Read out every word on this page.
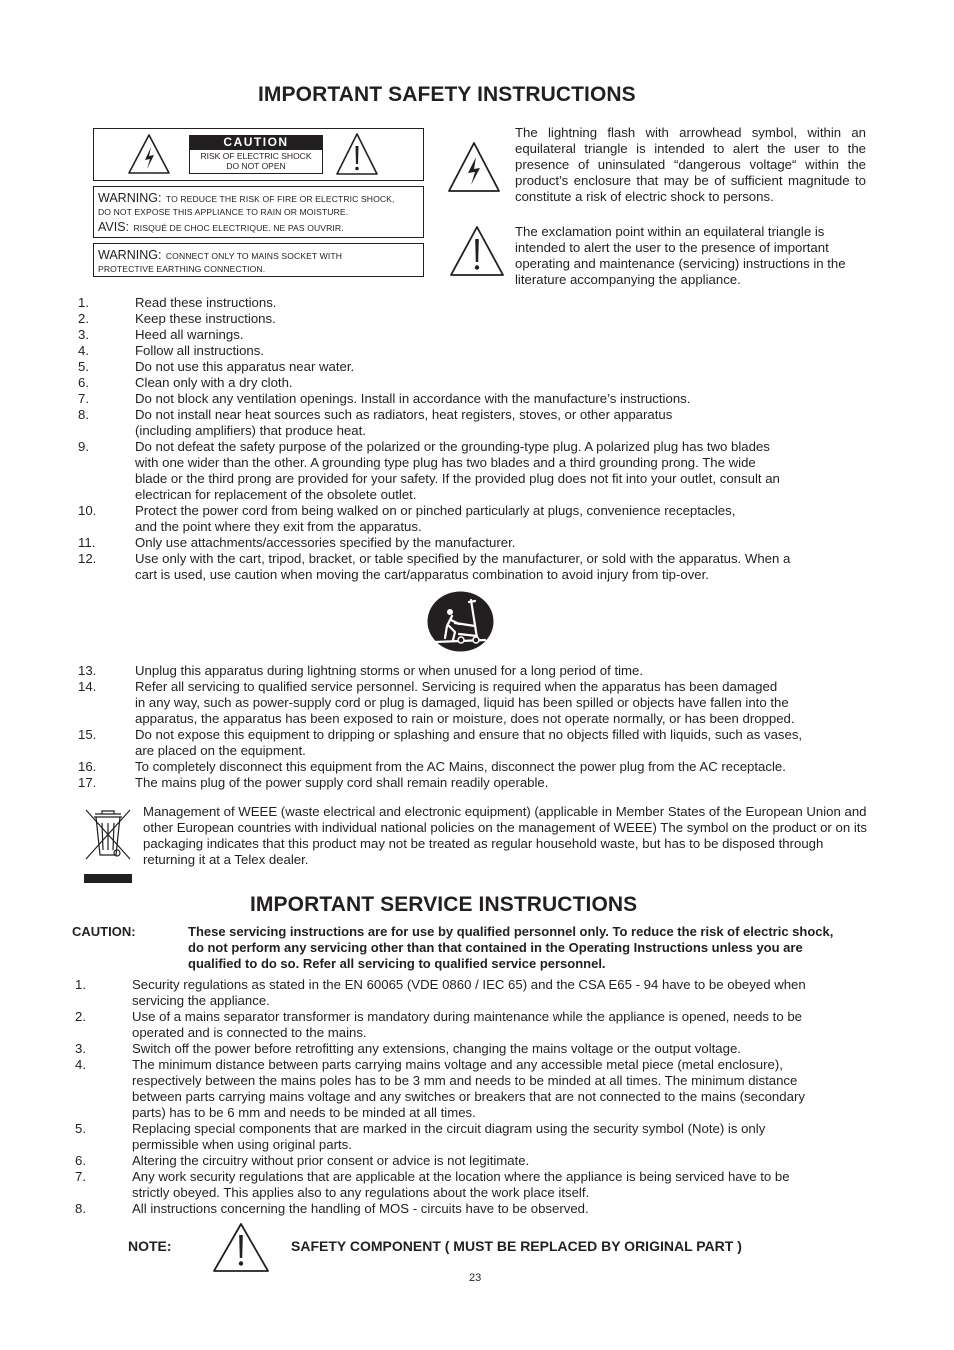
IMPORTANT SAFETY INSTRUCTIONS
CAUTION
RISK OF ELECTRIC SHOCK
DO NOT OPEN
WARNING: TO REDUCE THE RISK OF FIRE OR ELECTRIC SHOCK,
DO NOT EXPOSE THIS APPLIANCE TO RAIN OR MOISTURE.
AVIS: RISQUÉ DE CHOC ELECTRIQUE. NE PAS OUVRIR.
WARNING: CONNECT ONLY TO MAINS SOCKET WITH
PROTECTIVE EARTHING CONNECTION.
The lightning flash with arrowhead symbol, within an equilateral triangle is intended to alert the user to the presence of uninsulated “dangerous voltage“ within the product’s enclosure that may be of sufficient magnitude to constitute a risk of electric shock to persons.
The exclamation point within an equilateral triangle is intended to alert the user to the presence of important operating and maintenance (servicing) instructions in the literature accompanying the appliance.
1.	Read these instructions.
2.	Keep these instructions.
3.	Heed all warnings.
4.	Follow all instructions.
5.	Do not use this apparatus near water.
6.	Clean only with a dry cloth.
7.	Do not block any ventilation openings. Install in accordance with the manufacture’s instructions.
8.	Do not install near heat sources such as radiators, heat registers, stoves, or other apparatus
(including amplifiers) that produce heat.
9.	Do not defeat the safety purpose of the polarized or the grounding-type plug. A polarized plug has two blades
with one wider than the other. A grounding type plug has two blades and a third grounding prong. The wide
blade or the third prong are provided for your safety. If the provided plug does not fit into your outlet, consult an
electrican for replacement of the obsolete outlet.
10.	Protect the power cord from being walked on or pinched particularly at plugs, convenience receptacles,
and the point where they exit from the apparatus.
11.	Only use attachments/accessories specified by the manufacturer.
12.	Use only with the cart, tripod, bracket, or table specified by the manufacturer, or sold with the apparatus. When a
cart is used, use caution when moving the cart/apparatus combination to avoid injury from tip-over.
13.	Unplug this apparatus during lightning storms or when unused for a long period of time.
14.	Refer all servicing to qualified service personnel. Servicing is required when the apparatus has been damaged
in any way, such as power-supply cord or plug is damaged, liquid has been spilled or objects have fallen into the
apparatus, the apparatus has been exposed to rain or moisture, does not operate normally, or has been dropped.
15.	Do not expose this equipment to dripping or splashing and ensure that no objects filled with liquids, such as vases,
are placed on the equipment.
16.	To completely disconnect this equipment from the AC Mains, disconnect the power plug from the AC receptacle.
17.	The mains plug of the power supply cord shall remain readily operable.
Management of WEEE (waste electrical and electronic equipment) (applicable in Member States of the European Union and other European countries with individual national policies on the management of WEEE) The symbol on the product or on its packaging indicates that this product may not be treated as regular household waste, but has to be disposed through returning it at a Telex dealer.
IMPORTANT SERVICE INSTRUCTIONS
CAUTION:	These servicing instructions are for use by qualified personnel only. To reduce the risk of electric shock, do not perform any servicing other than that contained in the Operating Instructions unless you are qualified to do so. Refer all servicing to qualified service personnel.
1.	Security regulations as stated in the EN 60065 (VDE 0860 / IEC 65) and the CSA E65 - 94 have to be obeyed when
servicing the appliance.
2.	Use of a mains separator transformer is mandatory during maintenance while the appliance is opened, needs to be
operated and is connected to the mains.
3.	Switch off the power before retrofitting any extensions, changing the mains voltage or the output voltage.
4.	The minimum distance between parts carrying mains voltage and any accessible metal piece (metal enclosure),
respectively between the mains poles has to be 3 mm and needs to be minded at all times. The minimum distance
between parts carrying mains voltage and any switches or breakers that are not connected to the mains (secondary
parts) has to be 6 mm and needs to be minded at all times.
5.	Replacing special components that are marked in the circuit diagram using the security symbol (Note) is only
permissible when using original parts.
6.	Altering the circuitry without prior consent or advice is not legitimate.
7.	Any work security regulations that are applicable at the location where the appliance is being serviced have to be
strictly obeyed. This applies also to any regulations about the work place itself.
8.	All instructions concerning the handling of MOS - circuits have to be observed.
NOTE:	SAFETY COMPONENT ( MUST BE REPLACED BY ORIGINAL PART )
23
